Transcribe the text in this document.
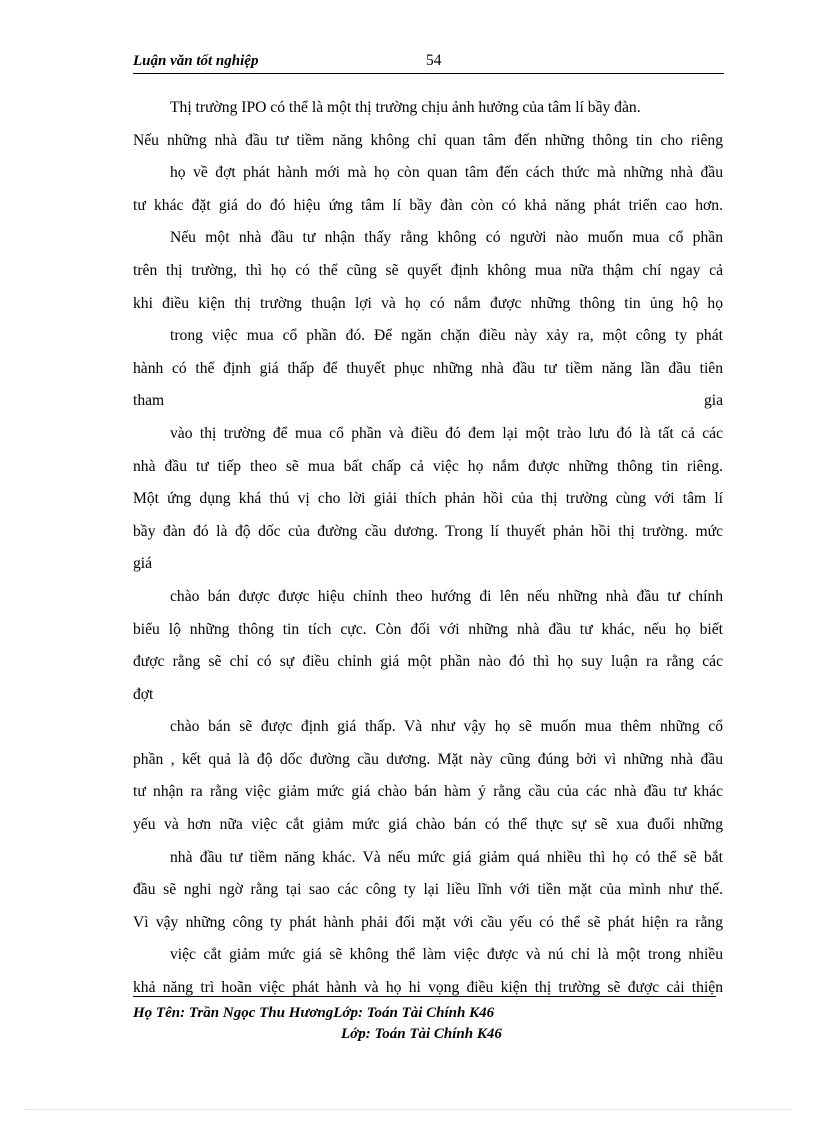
Luận văn tốt nghiệp	54
Thị trường IPO có thể là một thị trường chịu ảnh hưởng của tâm lí bầy đàn.
Nếu những nhà đầu tư tiềm năng không chỉ quan tâm đến những thông tin cho riêng
họ về đợt phát hành mới mà họ còn quan tâm đến cách thức mà những nhà đầu
tư khác đặt giá do đó hiệu ứng tâm lí bầy đàn còn có khả năng phát triển cao hơn.
Nếu một nhà đầu tư nhận thấy rằng không có người nào muốn mua cổ phần
trên thị trường, thì họ có thể cũng sẽ quyết định không mua nữa thậm chí ngay cả
khi điều kiện thị trường thuận lợi và họ có nắm được những thông tin ủng hộ họ
trong việc mua cổ phần đó. Để ngăn chặn điều này xảy ra, một công ty phát
hành có thể định giá thấp để thuyết phục những nhà đầu tư tiềm năng lần đầu tiên
tham	gia
vào thị trường để mua cổ phần và điều đó đem lại một trào lưu đó là tất cả các
nhà đầu tư tiếp theo sẽ mua bất chấp cả việc họ nắm được những thông tin riêng.
Một ứng dụng khá thú vị cho lời giải thích phản hồi của thị trường cùng với tâm lí
bầy đàn đó là độ dốc của đường cầu dương. Trong lí thuyết phản hồi thị trường. mức
giá
chào bán được được hiệu chỉnh theo hướng đi lên nếu những nhà đầu tư chính
biểu lộ những thông tin tích cực. Còn đối với những nhà đầu tư khác, nếu họ biết
được rằng sẽ chỉ có sự điều chỉnh giá một phần nào đó thì họ suy luận ra rằng các
đợt
chào bán sẽ được định giá thấp. Và như vậy họ sẽ muốn mua thêm những cổ
phần , kết quả là độ dốc đường cầu dương. Mặt này cũng đúng bởi vì những nhà đầu
tư nhận ra rằng việc giảm mức giá chào bán hàm ý rằng cầu của các nhà đầu tư khác
yếu và hơn nữa việc cắt giảm mức giá chào bán có thể thực sự sẽ xua đuổi những
nhà đầu tư tiềm năng khác. Và nếu mức giá giảm quá nhiều thì họ có thể sẽ bắt
đầu sẽ nghi ngờ rằng tại sao các công ty lại liều lĩnh với tiền mặt của mình như thế.
Vì vậy những công ty phát hành phải đối mặt với cầu yếu có thể sẽ phát hiện ra rằng
việc cắt giảm mức giá sẽ không thể làm việc được và nú chỉ là một trong nhiều
khả năng trì hoãn việc phát hành và họ hi vọng điều kiện thị trường sẽ được cải thiện
Họ Tên: Trần Ngọc Thu HươngLớp: Toán Tài Chính K46
Lớp: Toán Tài Chính K46
